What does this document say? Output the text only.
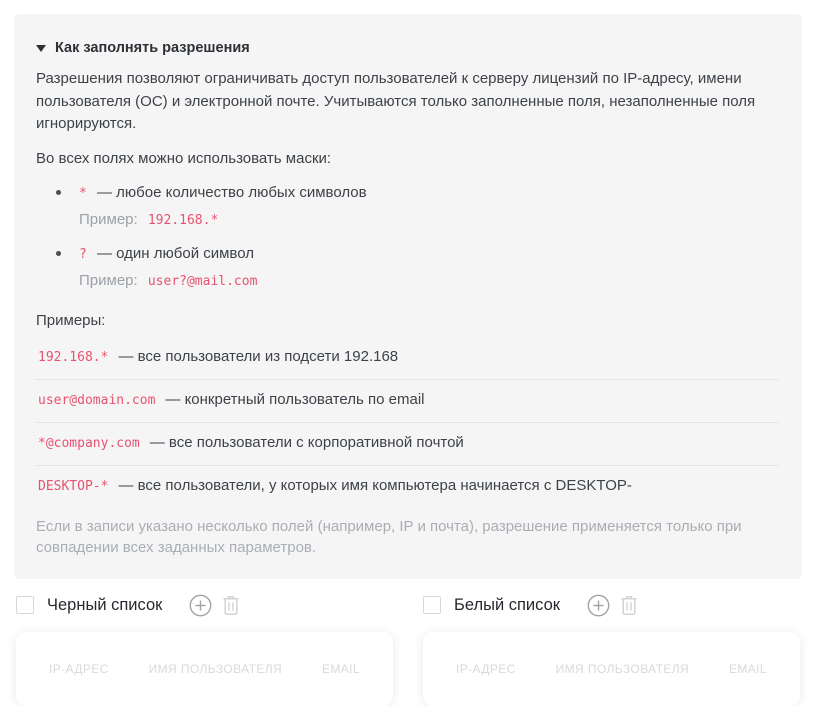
Как заполнять разрешения

Разрешения позволяют ограничивать доступ пользователей к серверу лицензий по IP-адресу, имени пользователя (ОС) и электронной почте. Учитываются только заполненные поля, незаполненные поля игнорируются.

Во всех полях можно использовать маски:

* — любое количество любых символов
Пример: 192.168.*
? — один любой символ
Пример: user?@mail.com

Примеры:

192.168.* — все пользователи из подсети 192.168
user@domain.com — конкретный пользователь по email
*@company.com — все пользователи с корпоративной почтой
DESKTOP-* — все пользователи, у которых имя компьютера начинается с DESKTOP-

Если в записи указано несколько полей (например, IP и почта), разрешение применяется только при совпадении всех заданных параметров.

Черный список
IP-АДРЕС	ИМЯ ПОЛЬЗОВАТЕЛЯ	EMAIL
Белый список
IP-АДРЕС	ИМЯ ПОЛЬЗОВАТЕЛЯ	EMAIL
